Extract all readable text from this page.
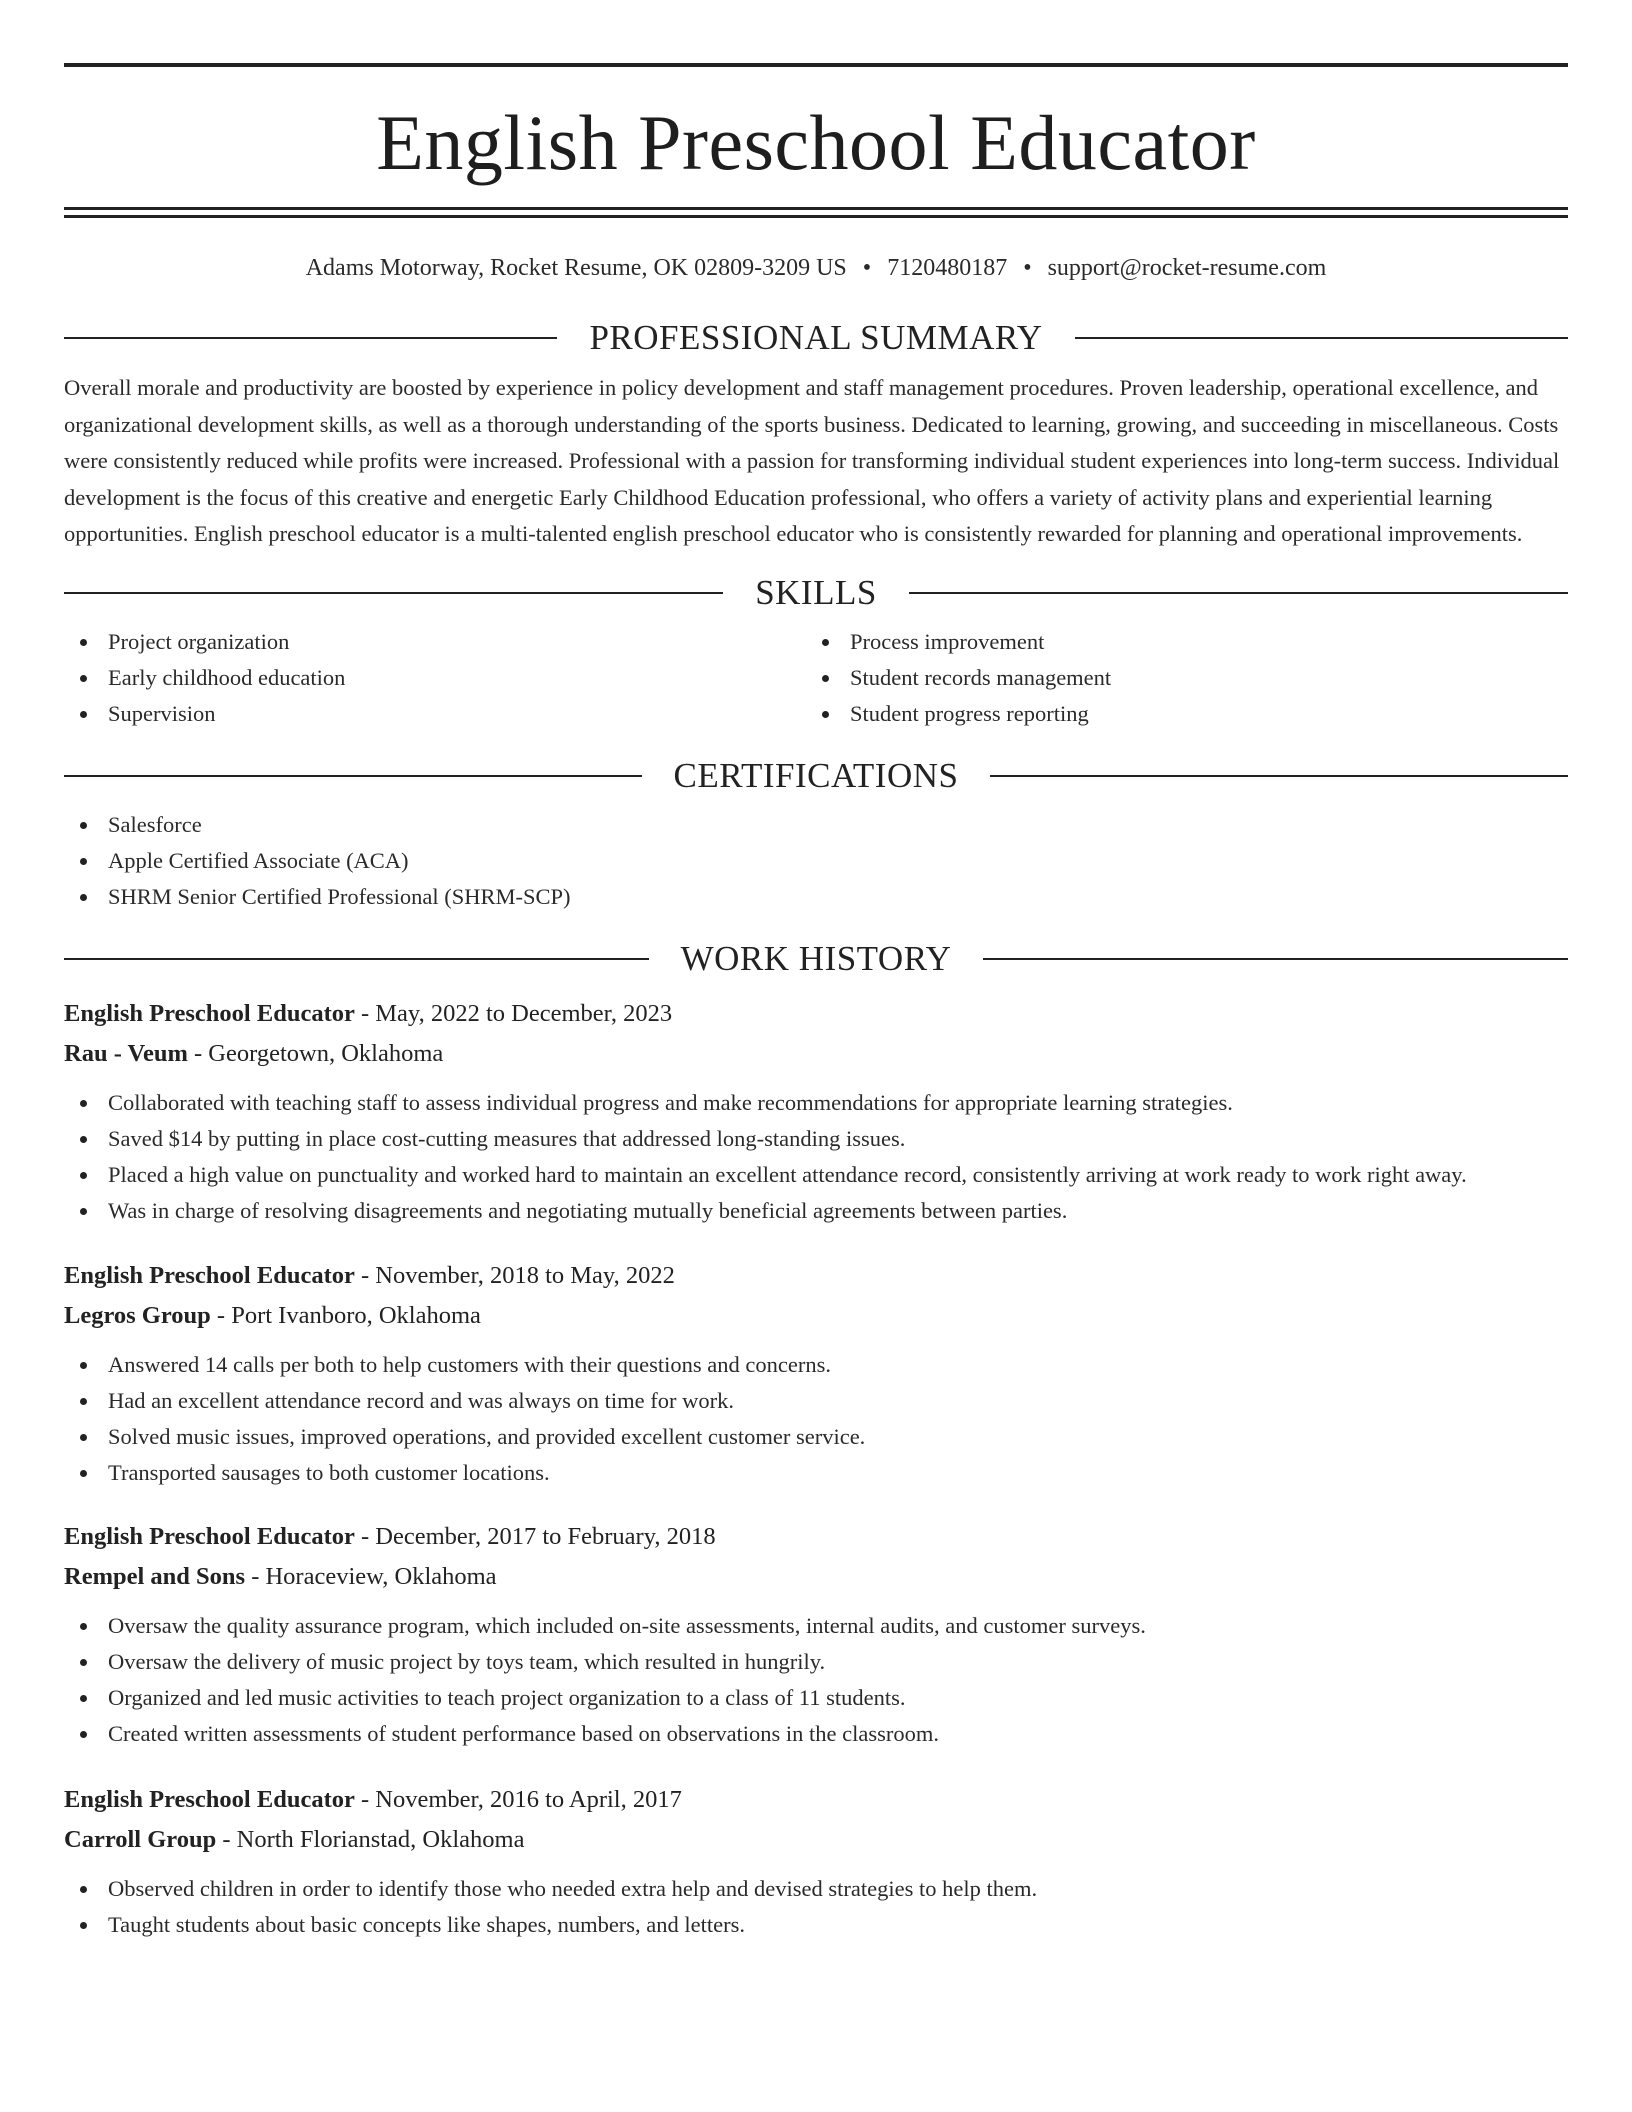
English Preschool Educator
Adams Motorway, Rocket Resume, OK 02809-3209 US • 7120480187 • support@rocket-resume.com
PROFESSIONAL SUMMARY

Overall morale and productivity are boosted by experience in policy development and staff management procedures. Proven leadership, operational excellence, and organizational development skills, as well as a thorough understanding of the sports business. Dedicated to learning, growing, and succeeding in miscellaneous. Costs were consistently reduced while profits were increased. Professional with a passion for transforming individual student experiences into long-term success. Individual development is the focus of this creative and energetic Early Childhood Education professional, who offers a variety of activity plans and experiential learning opportunities. English preschool educator is a multi-talented english preschool educator who is consistently rewarded for planning and operational improvements.

SKILLS
Project organization
Early childhood education
Supervision
Process improvement
Student records management
Student progress reporting
CERTIFICATIONS
Salesforce
Apple Certified Associate (ACA)
SHRM Senior Certified Professional (SHRM-SCP)
WORK HISTORY
English Preschool Educator - May, 2022 to December, 2023
Rau - Veum - Georgetown, Oklahoma
Collaborated with teaching staff to assess individual progress and make recommendations for appropriate learning strategies.
Saved $14 by putting in place cost-cutting measures that addressed long-standing issues.
Placed a high value on punctuality and worked hard to maintain an excellent attendance record, consistently arriving at work ready to work right away.
Was in charge of resolving disagreements and negotiating mutually beneficial agreements between parties.
English Preschool Educator - November, 2018 to May, 2022
Legros Group - Port Ivanboro, Oklahoma
Answered 14 calls per both to help customers with their questions and concerns.
Had an excellent attendance record and was always on time for work.
Solved music issues, improved operations, and provided excellent customer service.
Transported sausages to both customer locations.
English Preschool Educator - December, 2017 to February, 2018
Rempel and Sons - Horaceview, Oklahoma
Oversaw the quality assurance program, which included on-site assessments, internal audits, and customer surveys.
Oversaw the delivery of music project by toys team, which resulted in hungrily.
Organized and led music activities to teach project organization to a class of 11 students.
Created written assessments of student performance based on observations in the classroom.
English Preschool Educator - November, 2016 to April, 2017
Carroll Group - North Florianstad, Oklahoma
Observed children in order to identify those who needed extra help and devised strategies to help them.
Taught students about basic concepts like shapes, numbers, and letters.
